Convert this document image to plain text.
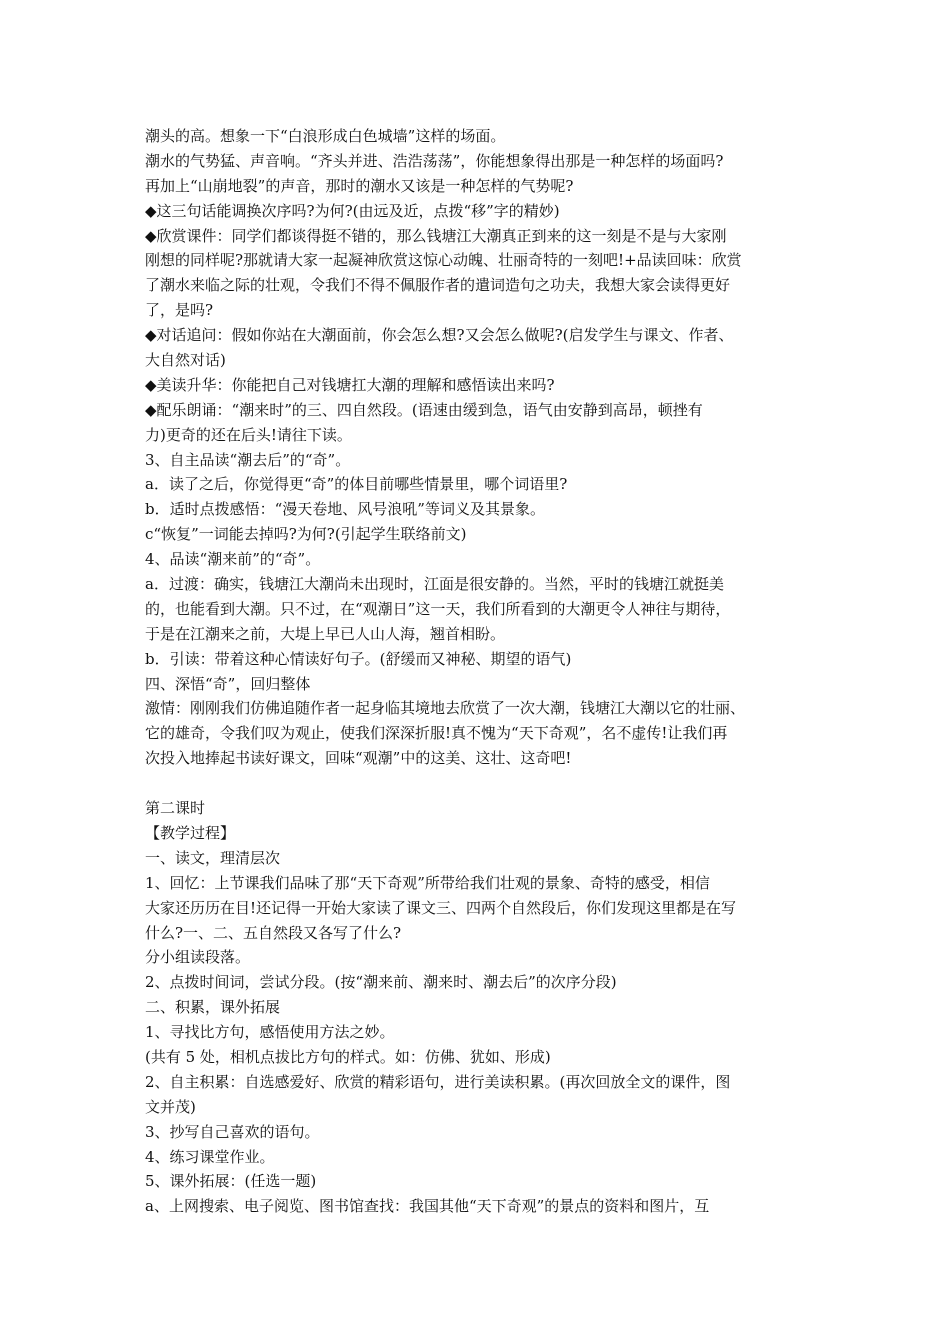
潮头的高。想象一下“白浪形成白色城墙”这样的场面。
潮水的气势猛、声音响。“齐头并进、浩浩荡荡”，你能想象得出那是一种怎样的场面吗?
再加上“山崩地裂”的声音，那时的潮水又该是一种怎样的气势呢?
◆这三句话能调换次序吗?为何?(由远及近，点拨“移”字的精妙)
◆欣赏课件：同学们都谈得挺不错的，那么钱塘江大潮真正到来的这一刻是不是与大家刚
刚想的同样呢?那就请大家一起凝神欣赏这惊心动魄、壮丽奇特的一刻吧!+品读回味：欣赏
了潮水来临之际的壮观，令我们不得不佩服作者的遣词造句之功夫，我想大家会读得更好
了，是吗?
◆对话追问：假如你站在大潮面前，你会怎么想?又会怎么做呢?(启发学生与课文、作者、
大自然对话)
◆美读升华：你能把自己对钱塘扛大潮的理解和感悟读出来吗?
◆配乐朗诵：“潮来时”的三、四自然段。(语速由缓到急，语气由安静到高昂，顿挫有
力)更奇的还在后头!请往下读。
3、自主品读“潮去后”的“奇”。
a．读了之后，你觉得更“奇”的体目前哪些情景里，哪个词语里?
b．适时点拨感悟：“漫天卷地、风号浪吼”等词义及其景象。
c“恢复”一词能去掉吗?为何?(引起学生联络前文)
4、品读“潮来前”的“奇”。
a．过渡：确实，钱塘江大潮尚未出现时，江面是很安静的。当然，平时的钱塘江就挺美
的，也能看到大潮。只不过，在“观潮日”这一天，我们所看到的大潮更令人神往与期待，
于是在江潮来之前，大堤上早已人山人海，翘首相盼。
b．引读：带着这种心情读好句子。(舒缓而又神秘、期望的语气)
四、深悟“奇”，回归整体
激情：刚刚我们仿佛追随作者一起身临其境地去欣赏了一次大潮，钱塘江大潮以它的壮丽、
它的雄奇，令我们叹为观止，使我们深深折服!真不愧为“天下奇观”，名不虚传!让我们再
次投入地捧起书读好课文，回味“观潮”中的这美、这壮、这奇吧!
第二课时
【教学过程】
一、读文，理清层次
1、回忆：上节课我们品味了那“天下奇观”所带给我们壮观的景象、奇特的感受，相信
大家还历历在目!还记得一开始大家读了课文三、四两个自然段后，你们发现这里都是在写
什么?一、二、五自然段又各写了什么?
分小组读段落。
2、点拨时间词，尝试分段。(按“潮来前、潮来时、潮去后”的次序分段)
二、积累，课外拓展
1、寻找比方句，感悟使用方法之妙。
(共有 5 处，相机点拔比方句的样式。如：仿佛、犹如、形成)
2、自主积累：自选感爱好、欣赏的精彩语句，进行美读积累。(再次回放全文的课件，图
文并茂)
3、抄写自己喜欢的语句。
4、练习课堂作业。
5、课外拓展：(任选一题)
a、上网搜索、电子阅览、图书馆查找：我国其他“天下奇观”的景点的资料和图片，互
